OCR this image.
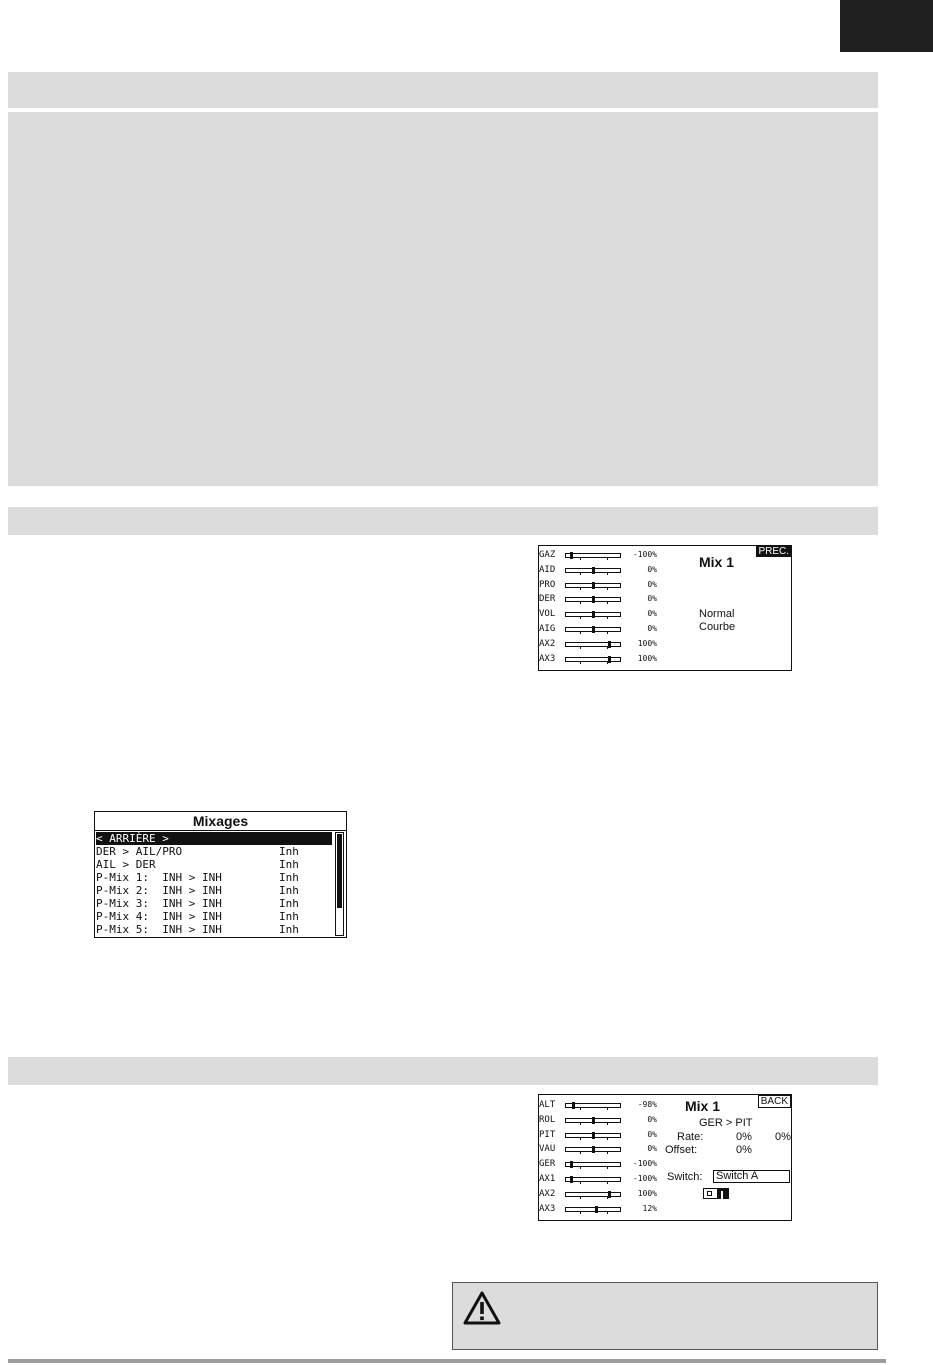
GAZ	-100%
AID	0%
PRO	0%
DER	0%
VOL	0%
AIG	0%
AX2	100%
AX3	100%
PREC.
Mix 1
Normal
Courbe
Mixages
< ARRIÈRE >
DER > AIL/PRO	Inh
AIL > DER	Inh
P-Mix 1:  INH > INH	Inh
P-Mix 2:  INH > INH	Inh
P-Mix 3:  INH > INH	Inh
P-Mix 4:  INH > INH	Inh
P-Mix 5:  INH > INH	Inh
ALT	-98%
ROL	0%
PIT	0%
VAU	0%
GER	-100%
AX1	-100%
AX2	100%
AX3	12%
BACK
Mix 1
GER > PIT
Rate:	0% 0%
Offset:	0%
Switch: Switch A
